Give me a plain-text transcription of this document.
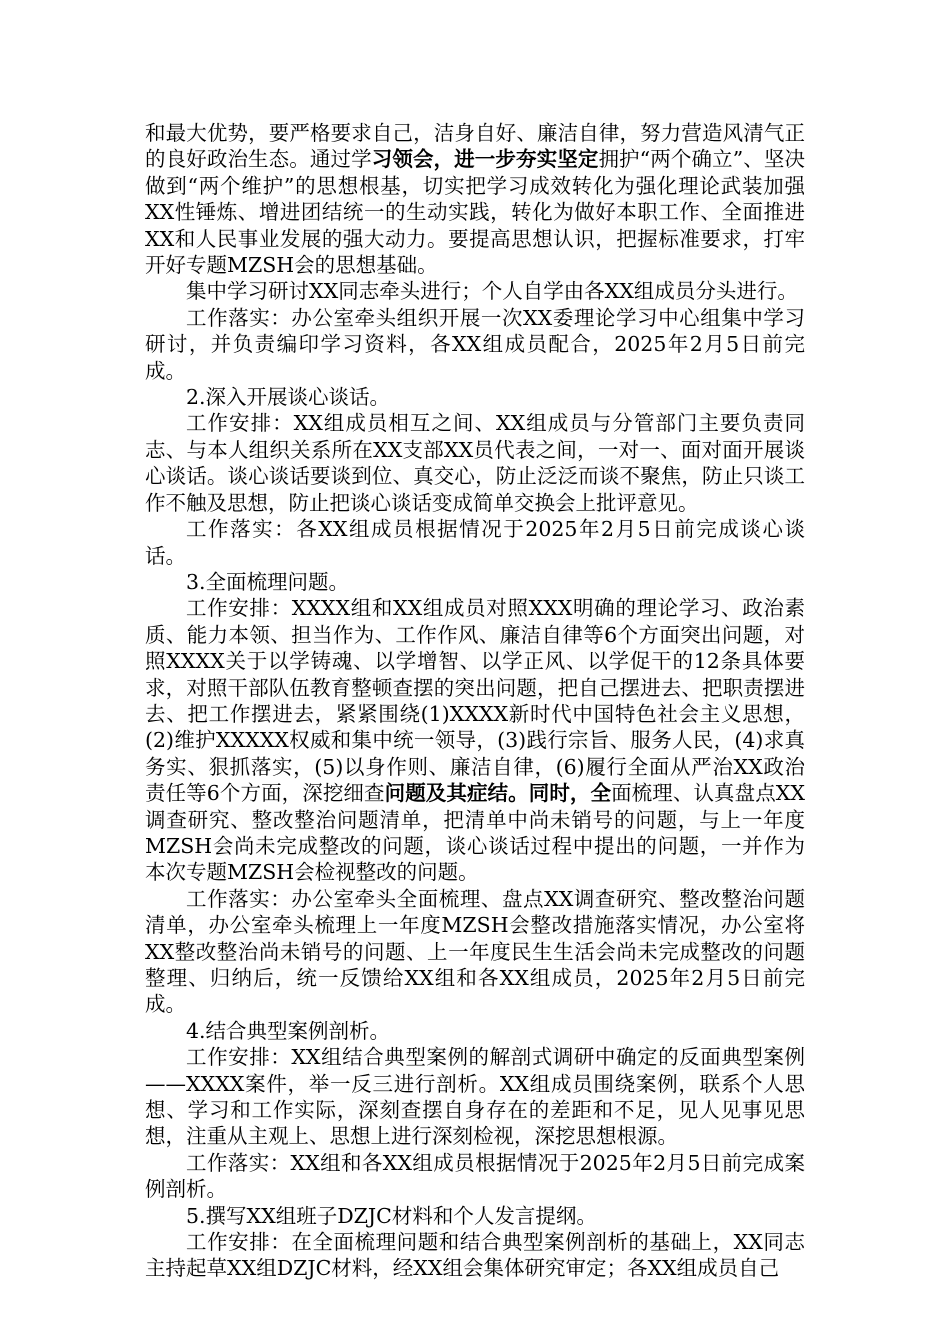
和最大优势，要严格要求自己，洁身自好、廉洁自律，努力营造风清气正的良好政治生态。通过学习领会，进一步夯实坚定拥护“两个确立”、坚决做到“两个维护”的思想根基，切实把学习成效转化为强化理论武装加强XX性锤炼、增进团结统一的生动实践，转化为做好本职工作、全面推进XX和人民事业发展的强大动力。要提高思想认识，把握标准要求，打牢开好专题MZSH会的思想基础。

集中学习研讨XX同志牵头进行；个人自学由各XX组成员分头进行。

工作落实：办公室牵头组织开展一次XX委理论学习中心组集中学习研讨，并负责编印学习资料，各XX组成员配合，2025年2月5日前完成。

2.深入开展谈心谈话。

工作安排：XX组成员相互之间、XX组成员与分管部门主要负责同志、与本人组织关系所在XX支部XX员代表之间，一对一、面对面开展谈心谈话。谈心谈话要谈到位、真交心，防止泛泛而谈不聚焦，防止只谈工作不触及思想，防止把谈心谈话变成简单交换会上批评意见。

工作落实：各XX组成员根据情况于2025年2月5日前完成谈心谈话。

3.全面梳理问题。

工作安排：XXXX组和XX组成员对照XXX明确的理论学习、政治素质、能力本领、担当作为、工作作风、廉洁自律等6个方面突出问题，对照XXXX关于以学铸魂、以学增智、以学正风、以学促干的12条具体要求，对照干部队伍教育整顿查摆的突出问题，把自己摆进去、把职责摆进去、把工作摆进去，紧紧围绕(1)XXXX新时代中国特色社会主义思想，(2)维护XXXXX权威和集中统一领导，(3)践行宗旨、服务人民，(4)求真务实、狠抓落实，(5)以身作则、廉洁自律，(6)履行全面从严治XX政治责任等6个方面，深挖细查问题及其症结。同时，全面梳理、认真盘点XX调查研究、整改整治问题清单，把清单中尚未销号的问题，与上一年度MZSH会尚未完成整改的问题，谈心谈话过程中提出的问题，一并作为本次专题MZSH会检视整改的问题。

工作落实：办公室牵头全面梳理、盘点XX调查研究、整改整治问题清单，办公室牵头梳理上一年度MZSH会整改措施落实情况，办公室将XX整改整治尚未销号的问题、上一年度民生生活会尚未完成整改的问题整理、归纳后，统一反馈给XX组和各XX组成员，2025年2月5日前完成。

4.结合典型案例剖析。

工作安排：XX组结合典型案例的解剖式调研中确定的反面典型案例——XXXX案件，举一反三进行剖析。XX组成员围绕案例，联系个人思想、学习和工作实际，深刻查摆自身存在的差距和不足，见人见事见思想，注重从主观上、思想上进行深刻检视，深挖思想根源。

工作落实：XX组和各XX组成员根据情况于2025年2月5日前完成案例剖析。

5.撰写XX组班子DZJC材料和个人发言提纲。

工作安排：在全面梳理问题和结合典型案例剖析的基础上，XX同志主持起草XX组DZJC材料，经XX组会集体研究审定；各XX组成员自己
